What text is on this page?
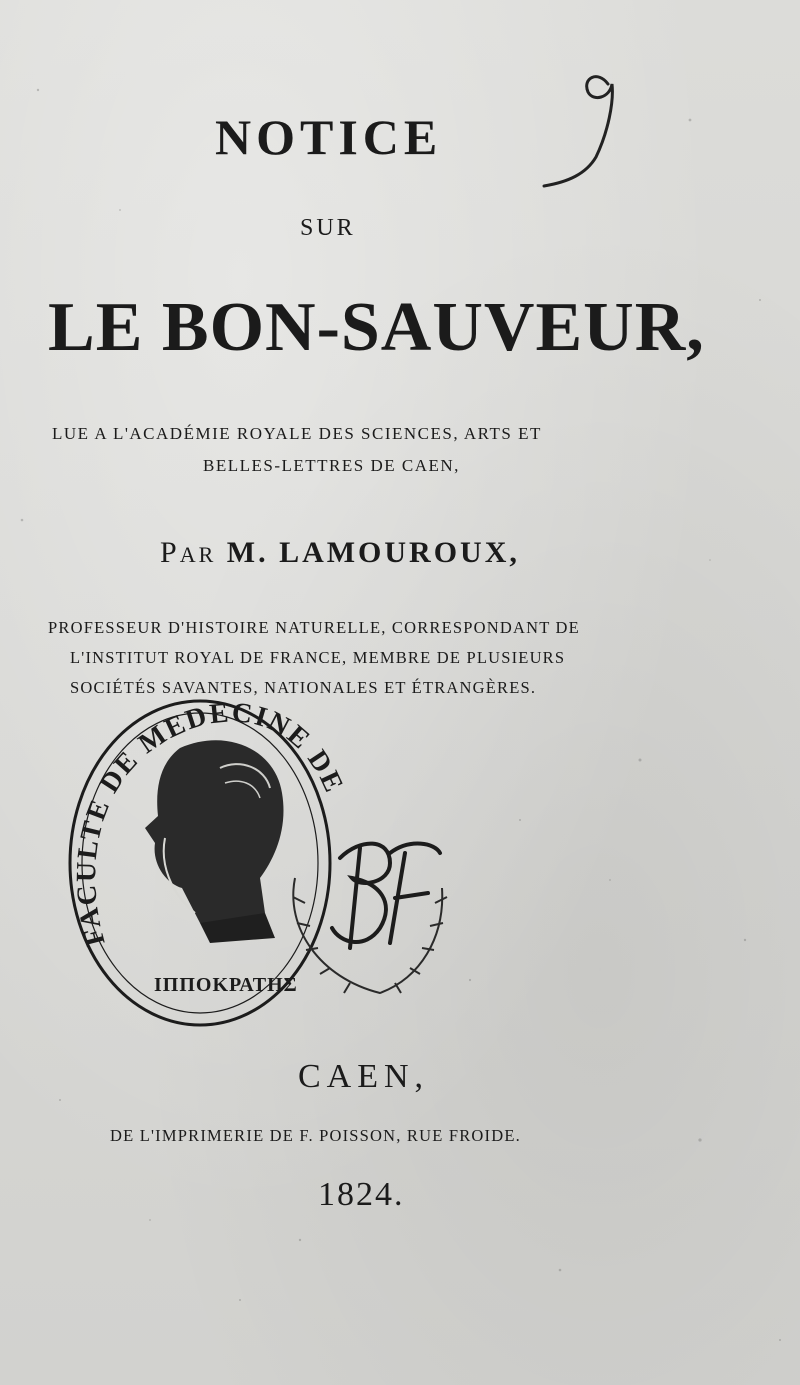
NOTICE
SUR
LE BON-SAUVEUR,
LUE A L'ACADÉMIE ROYALE DES SCIENCES, ARTS ET
BELLES-LETTRES DE CAEN,
PAR M. LAMOUROUX,
PROFESSEUR D'HISTOIRE NATURELLE, CORRESPONDANT DE
L'INSTITUT ROYAL DE FRANCE, MEMBRE DE PLUSIEURS
SOCIÉTÉS SAVANTES, NATIONALES ET ÉTRANGÈRES.
FACULTE DE MEDECINE DE
ΙΠΠΟΚΡΑΤΗΣ
CAEN,
DE L'IMPRIMERIE DE F. POISSON, RUE FROIDE.
1824.
